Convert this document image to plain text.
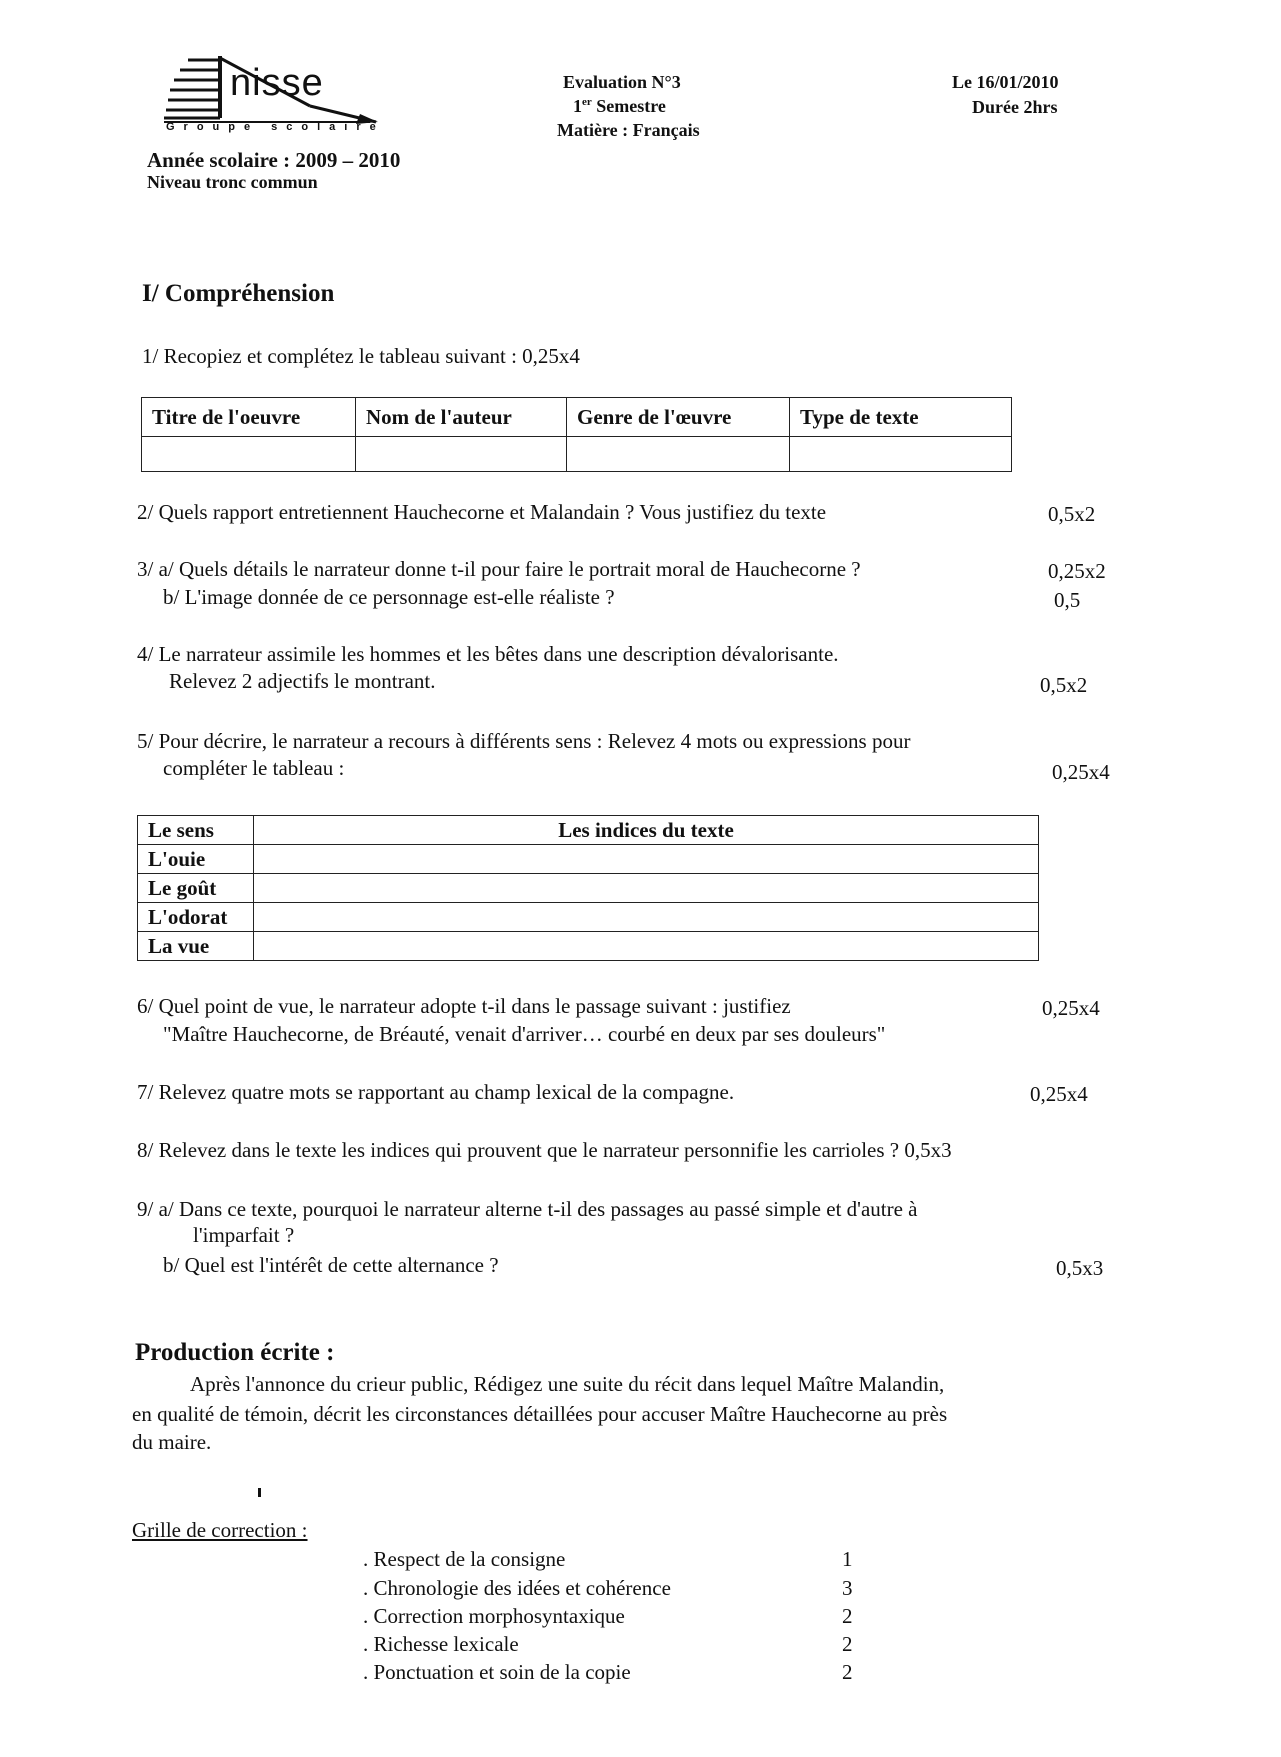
nisse
Groupe scolaire
Année scolaire : 2009 – 2010
Niveau tronc commun
Evaluation N°3
1er Semestre
Matière : Français
Le 16/01/2010
Durée 2hrs
I/ Compréhension
1/ Recopiez et complétez le tableau suivant : 0,25x4
Titre de l'oeuvre	Nom de l'auteur	Genre de l'œuvre	Type de texte

2/ Quels rapport entretiennent Hauchecorne et Malandain ? Vous justifiez du texte	0,5x2
3/ a/ Quels détails le narrateur donne t-il pour faire le portrait moral de Hauchecorne ?	0,25x2
b/ L'image donnée de ce personnage est-elle réaliste ?	0,5
4/ Le narrateur assimile les hommes et les bêtes dans une description dévalorisante.
Relevez 2 adjectifs le montrant.	0,5x2
5/ Pour décrire, le narrateur a recours à différents sens : Relevez 4 mots ou expressions pour
compléter le tableau :	0,25x4
Le sens	Les indices du texte
L'ouie	
Le goût	
L'odorat	
La vue	
6/ Quel point de vue, le narrateur adopte t-il dans le passage suivant : justifiez	0,25x4
"Maître Hauchecorne, de Bréauté, venait d'arriver… courbé en deux par ses douleurs"
7/ Relevez quatre mots se rapportant au champ lexical de la compagne.	0,25x4
8/ Relevez dans le texte les indices qui prouvent que le narrateur personnifie les carrioles ? 0,5x3
9/ a/ Dans ce texte, pourquoi le narrateur alterne t-il des passages au passé simple et d'autre à
l'imparfait ?
b/ Quel est l'intérêt de cette alternance ?	0,5x3
Production écrite :
Après l'annonce du crieur public, Rédigez une suite du récit dans lequel Maître Malandin,
en qualité de témoin, décrit les circonstances détaillées pour accuser Maître Hauchecorne au près
du maire.
Grille de correction :
. Respect de la consigne	1
. Chronologie des idées et cohérence	3
. Correction morphosyntaxique	2
. Richesse lexicale	2
. Ponctuation et soin de la copie	2
